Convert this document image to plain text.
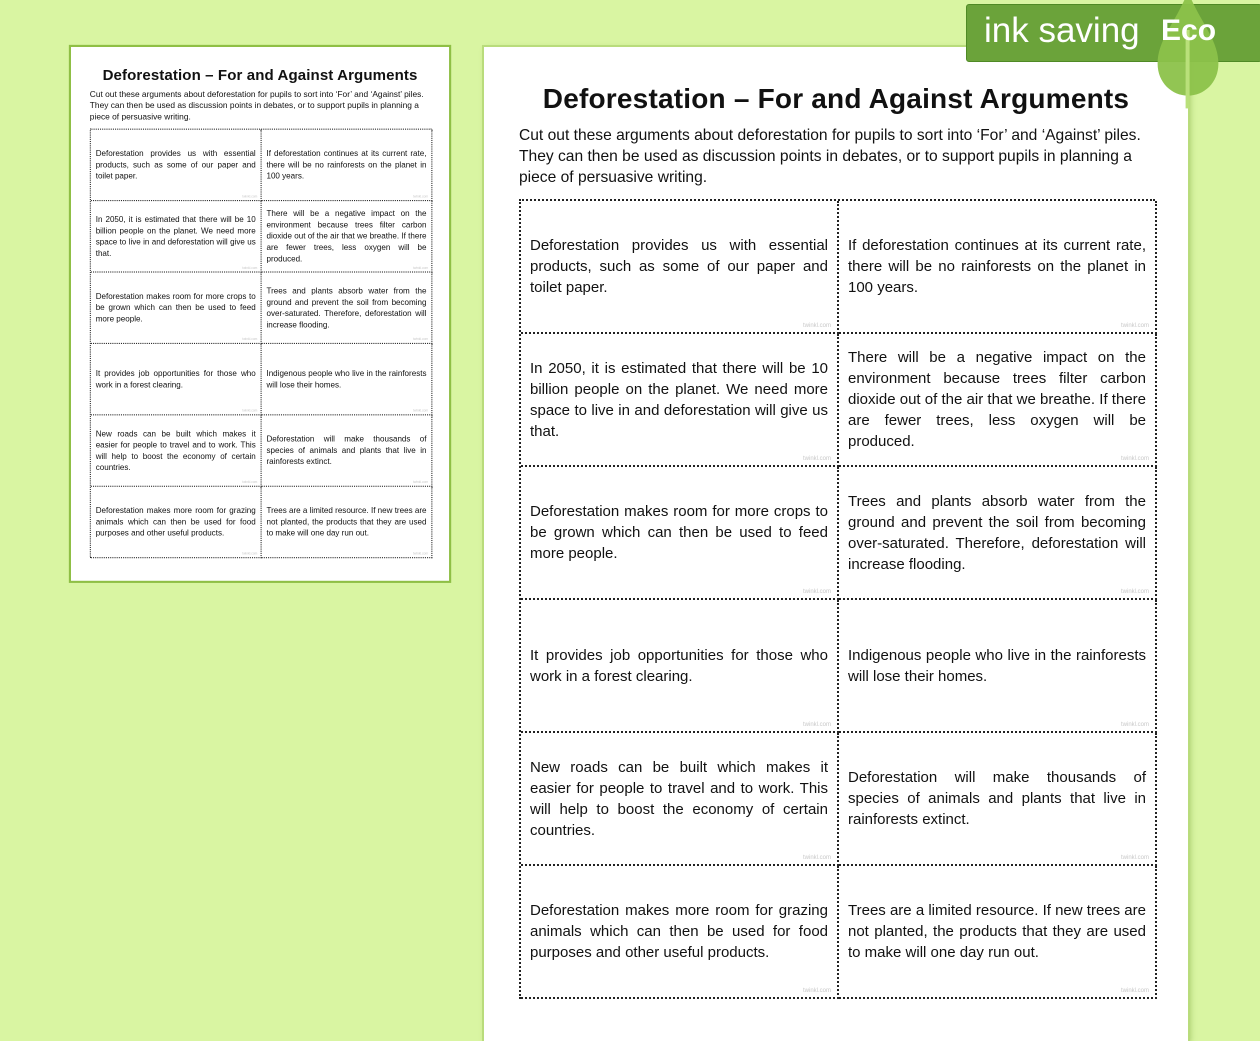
Deforestation – For and Against Arguments
Cut out these arguments about deforestation for pupils to sort into ‘For’ and ‘Against’ piles. They can then be used as discussion points in debates, or to support pupils in planning a piece of persuasive writing.
Deforestation provides us with essential products, such as some of our paper and toilet paper.
twinkl.com
If deforestation continues at its current rate, there will be no rainforests on the planet in 100 years.
twinkl.com
In 2050, it is estimated that there will be 10 billion people on the planet. We need more space to live in and deforestation will give us that.
twinkl.com
There will be a negative impact on the environment because trees filter carbon dioxide out of the air that we breathe. If there are fewer trees, less oxygen will be produced.
twinkl.com
Deforestation makes room for more crops to be grown which can then be used to feed more people.
twinkl.com
Trees and plants absorb water from the ground and prevent the soil from becoming over-saturated. Therefore, deforestation will increase flooding.
twinkl.com
It provides job opportunities for those who work in a forest clearing.
twinkl.com
Indigenous people who live in the rainforests will lose their homes.
twinkl.com
New roads can be built which makes it easier for people to travel and to work. This will help to boost the economy of certain countries.
twinkl.com
Deforestation will make thousands of species of animals and plants that live in rainforests extinct.
twinkl.com
Deforestation makes more room for grazing animals which can then be used for food purposes and other useful products.
twinkl.com
Trees are a limited resource. If new trees are not planted, the products that they are used to make will one day run out.
twinkl.com
Deforestation – For and Against Arguments
Cut out these arguments about deforestation for pupils to sort into ‘For’ and ‘Against’ piles. They can then be used as discussion points in debates, or to support pupils in planning a piece of persuasive writing.
Deforestation provides us with essential products, such as some of our paper and toilet paper.
twinkl.com
If deforestation continues at its current rate, there will be no rainforests on the planet in 100 years.
twinkl.com
In 2050, it is estimated that there will be 10 billion people on the planet. We need more space to live in and deforestation will give us that.
twinkl.com
There will be a negative impact on the environment because trees filter carbon dioxide out of the air that we breathe. If there are fewer trees, less oxygen will be produced.
twinkl.com
Deforestation makes room for more crops to be grown which can then be used to feed more people.
twinkl.com
Trees and plants absorb water from the ground and prevent the soil from becoming over-saturated. Therefore, deforestation will increase flooding.
twinkl.com
It provides job opportunities for those who work in a forest clearing.
twinkl.com
Indigenous people who live in the rainforests will lose their homes.
twinkl.com
New roads can be built which makes it easier for people to travel and to work. This will help to boost the economy of certain countries.
twinkl.com
Deforestation will make thousands of species of animals and plants that live in rainforests extinct.
twinkl.com
Deforestation makes more room for grazing animals which can then be used for food purposes and other useful products.
twinkl.com
Trees are a limited resource. If new trees are not planted, the products that they are used to make will one day run out.
twinkl.com
ink saving Eco
